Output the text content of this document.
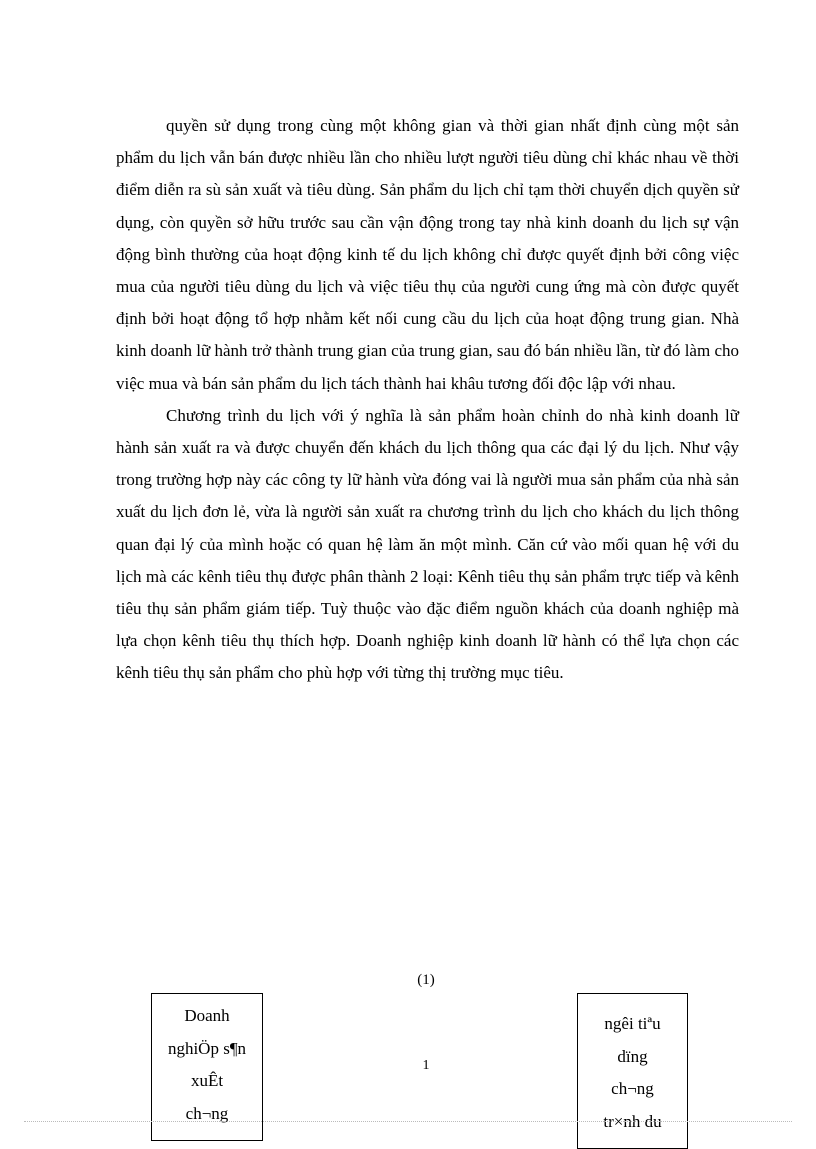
quyền sử dụng trong cùng một không gian và thời gian nhất định cùng một sản phẩm du lịch vẫn bán được nhiều lần cho nhiều lượt người tiêu dùng chỉ khác nhau về thời điểm diễn ra sù sản xuất và tiêu dùng. Sản phẩm du lịch chỉ tạm thời chuyển dịch quyền sử dụng, còn quyền sở hữu trước sau cần vận động trong tay nhà kinh doanh du lịch sự vận động bình thường của hoạt động kinh tế du lịch không chỉ được quyết định bởi công việc mua của người tiêu dùng du lịch và việc tiêu thụ của người cung ứng mà còn được quyết định bởi hoạt động tổ hợp nhằm kết nối cung cầu du lịch của hoạt động trung gian. Nhà kinh doanh lữ hành trở thành trung gian của trung gian, sau đó bán nhiều lần, từ đó làm cho việc mua và bán sản phẩm du lịch tách thành hai khâu tương đối độc lập với nhau.

Chương trình du lịch với ý nghĩa là sản phẩm hoàn chỉnh do nhà kinh doanh lữ hành sản xuất ra và được chuyển đến khách du lịch thông qua các đại lý du lịch. Như vậy trong trường hợp này các công ty lữ hành vừa đóng vai là người mua sản phẩm của nhà sản xuất du lịch đơn lẻ, vừa là người sản xuất ra chương trình du lịch cho khách du lịch thông quan đại lý của mình hoặc có quan hệ làm ăn một mình. Căn cứ vào mối quan hệ với du lịch mà các kênh tiêu thụ được phân thành 2 loại: Kênh tiêu thụ sản phẩm trực tiếp và kênh tiêu thụ sản phẩm giám tiếp. Tuỳ thuộc vào đặc điểm nguồn khách của doanh nghiệp mà lựa chọn kênh tiêu thụ thích hợp. Doanh nghiệp kinh doanh lữ hành có thể lựa chọn các kênh tiêu thụ sản phẩm cho phù hợp với từng thị trường mục tiêu.

(1)
Doanh
nghiÖp s¶n
xuÊt
ch¬ng
1
ngêi tiªu
dïng
ch¬ng
tr×nh du
